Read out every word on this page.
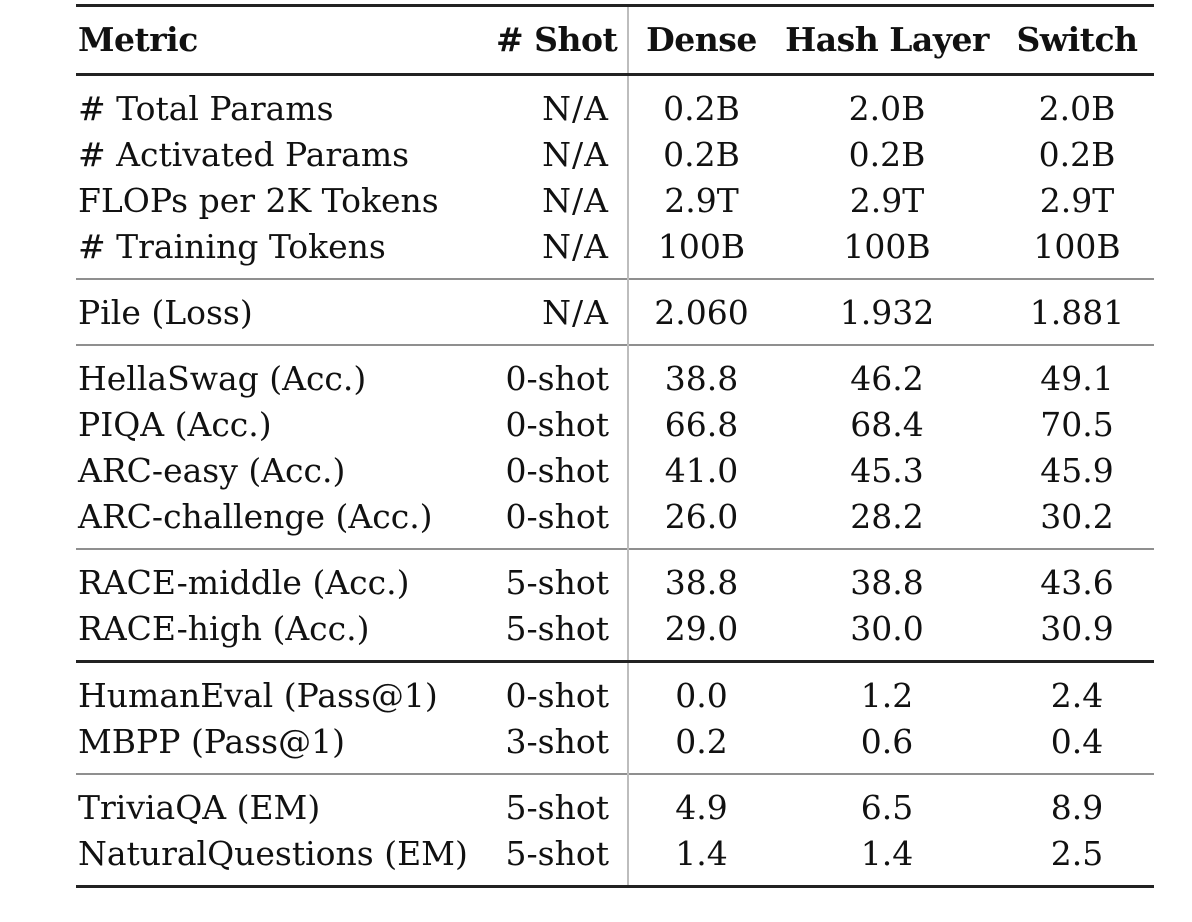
Metric	# Shot	Dense	Hash Layer	Switch
# Total Params	N/A	0.2B	2.0B	2.0B
# Activated Params	N/A	0.2B	0.2B	0.2B
FLOPs per 2K Tokens	N/A	2.9T	2.9T	2.9T
# Training Tokens	N/A	100B	100B	100B
Pile (Loss)	N/A	2.060	1.932	1.881
HellaSwag (Acc.)	0-shot	38.8	46.2	49.1
PIQA (Acc.)	0-shot	66.8	68.4	70.5
ARC-easy (Acc.)	0-shot	41.0	45.3	45.9
ARC-challenge (Acc.)	0-shot	26.0	28.2	30.2
RACE-middle (Acc.)	5-shot	38.8	38.8	43.6
RACE-high (Acc.)	5-shot	29.0	30.0	30.9
HumanEval (Pass@1)	0-shot	0.0	1.2	2.4
MBPP (Pass@1)	3-shot	0.2	0.6	0.4
TriviaQA (EM)	5-shot	4.9	6.5	8.9
NaturalQuestions (EM)	5-shot	1.4	1.4	2.5
